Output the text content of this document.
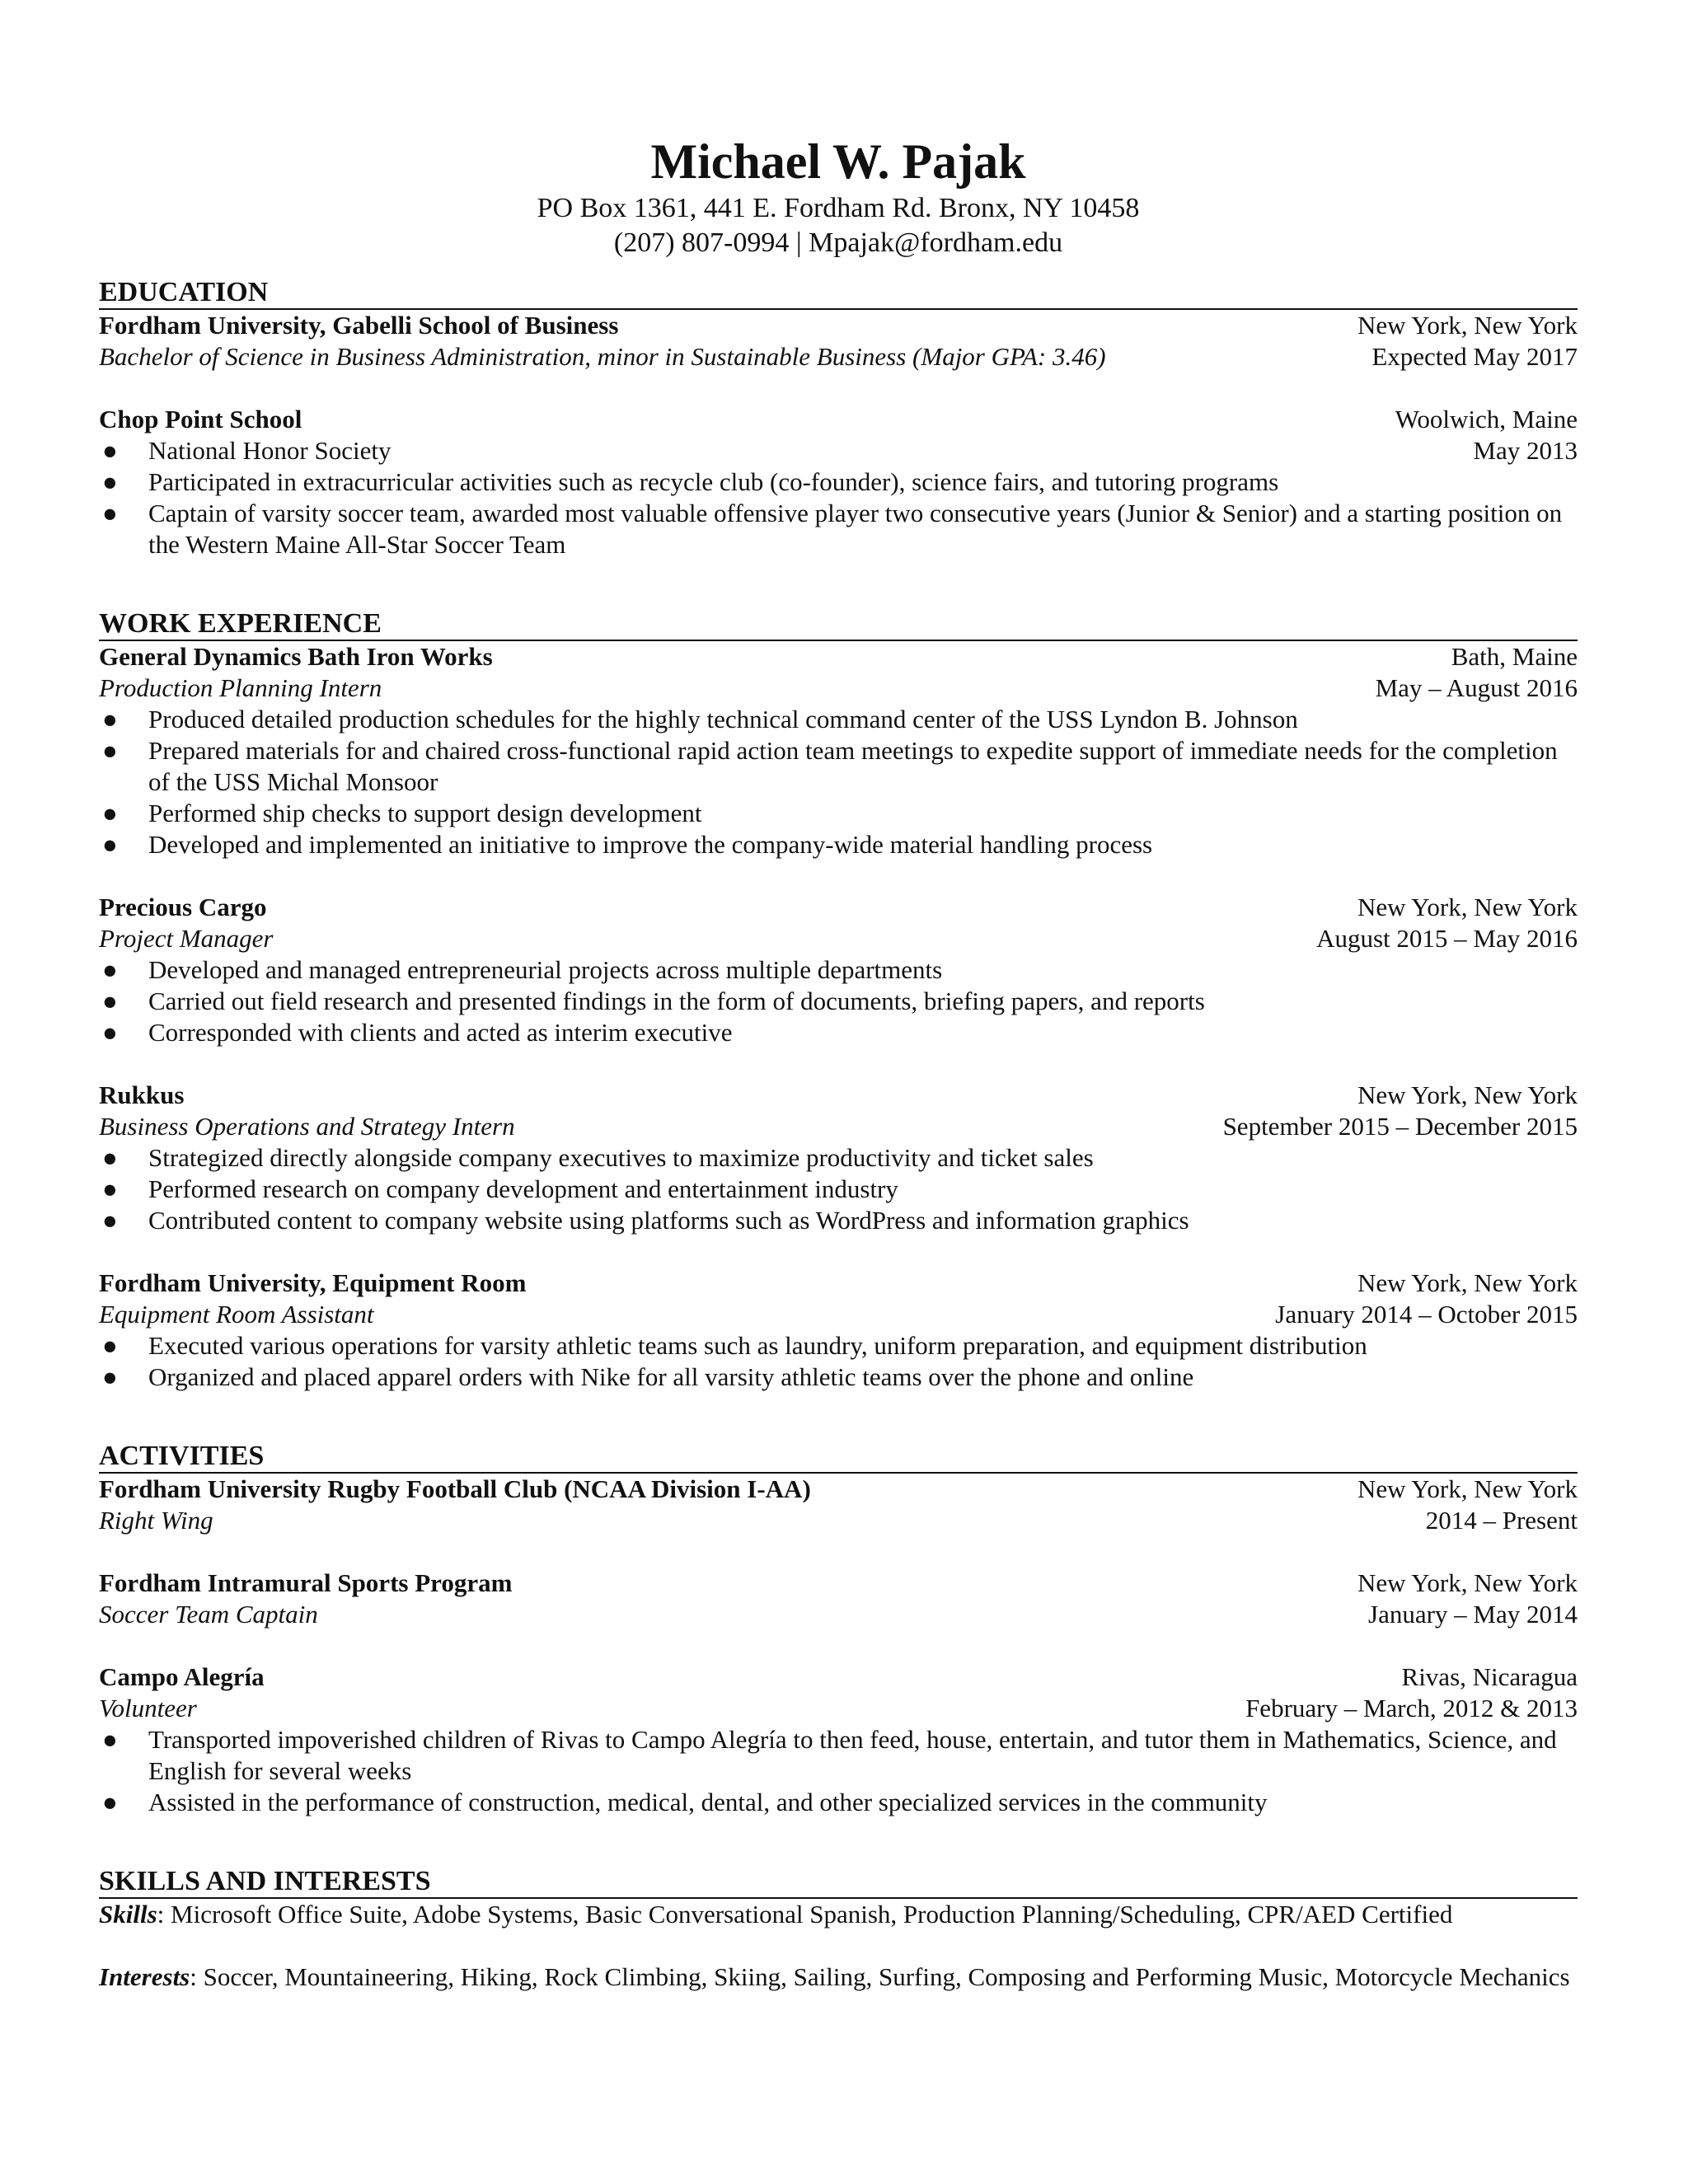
Michael W. Pajak
PO Box 1361, 441 E. Fordham Rd. Bronx, NY 10458
(207) 807-0994 | Mpajak@fordham.edu
EDUCATION
Fordham University, Gabelli School of Business	New York, New York
Bachelor of Science in Business Administration, minor in Sustainable Business (Major GPA: 3.46)	Expected May 2017
Chop Point School	Woolwich, Maine
● National Honor Society	May 2013
● Participated in extracurricular activities such as recycle club (co-founder), science fairs, and tutoring programs
● Captain of varsity soccer team, awarded most valuable offensive player two consecutive years (Junior & Senior) and a starting position on the Western Maine All-Star Soccer Team
WORK EXPERIENCE
General Dynamics Bath Iron Works	Bath, Maine
Production Planning Intern	May – August 2016
● Produced detailed production schedules for the highly technical command center of the USS Lyndon B. Johnson
● Prepared materials for and chaired cross-functional rapid action team meetings to expedite support of immediate needs for the completion of the USS Michal Monsoor
● Performed ship checks to support design development
● Developed and implemented an initiative to improve the company-wide material handling process
Precious Cargo	New York, New York
Project Manager	August 2015 – May 2016
● Developed and managed entrepreneurial projects across multiple departments
● Carried out field research and presented findings in the form of documents, briefing papers, and reports
● Corresponded with clients and acted as interim executive
Rukkus	New York, New York
Business Operations and Strategy Intern	September 2015 – December 2015
● Strategized directly alongside company executives to maximize productivity and ticket sales
● Performed research on company development and entertainment industry
● Contributed content to company website using platforms such as WordPress and information graphics
Fordham University, Equipment Room	New York, New York
Equipment Room Assistant	January 2014 – October 2015
● Executed various operations for varsity athletic teams such as laundry, uniform preparation, and equipment distribution
● Organized and placed apparel orders with Nike for all varsity athletic teams over the phone and online
ACTIVITIES
Fordham University Rugby Football Club (NCAA Division I-AA)	New York, New York
Right Wing	2014 – Present
Fordham Intramural Sports Program	New York, New York
Soccer Team Captain	January – May 2014
Campo Alegría	Rivas, Nicaragua
Volunteer	February – March, 2012 & 2013
● Transported impoverished children of Rivas to Campo Alegría to then feed, house, entertain, and tutor them in Mathematics, Science, and English for several weeks
● Assisted in the performance of construction, medical, dental, and other specialized services in the community
SKILLS AND INTERESTS
Skills: Microsoft Office Suite, Adobe Systems, Basic Conversational Spanish, Production Planning/Scheduling, CPR/AED Certified
Interests: Soccer, Mountaineering, Hiking, Rock Climbing, Skiing, Sailing, Surfing, Composing and Performing Music, Motorcycle Mechanics
